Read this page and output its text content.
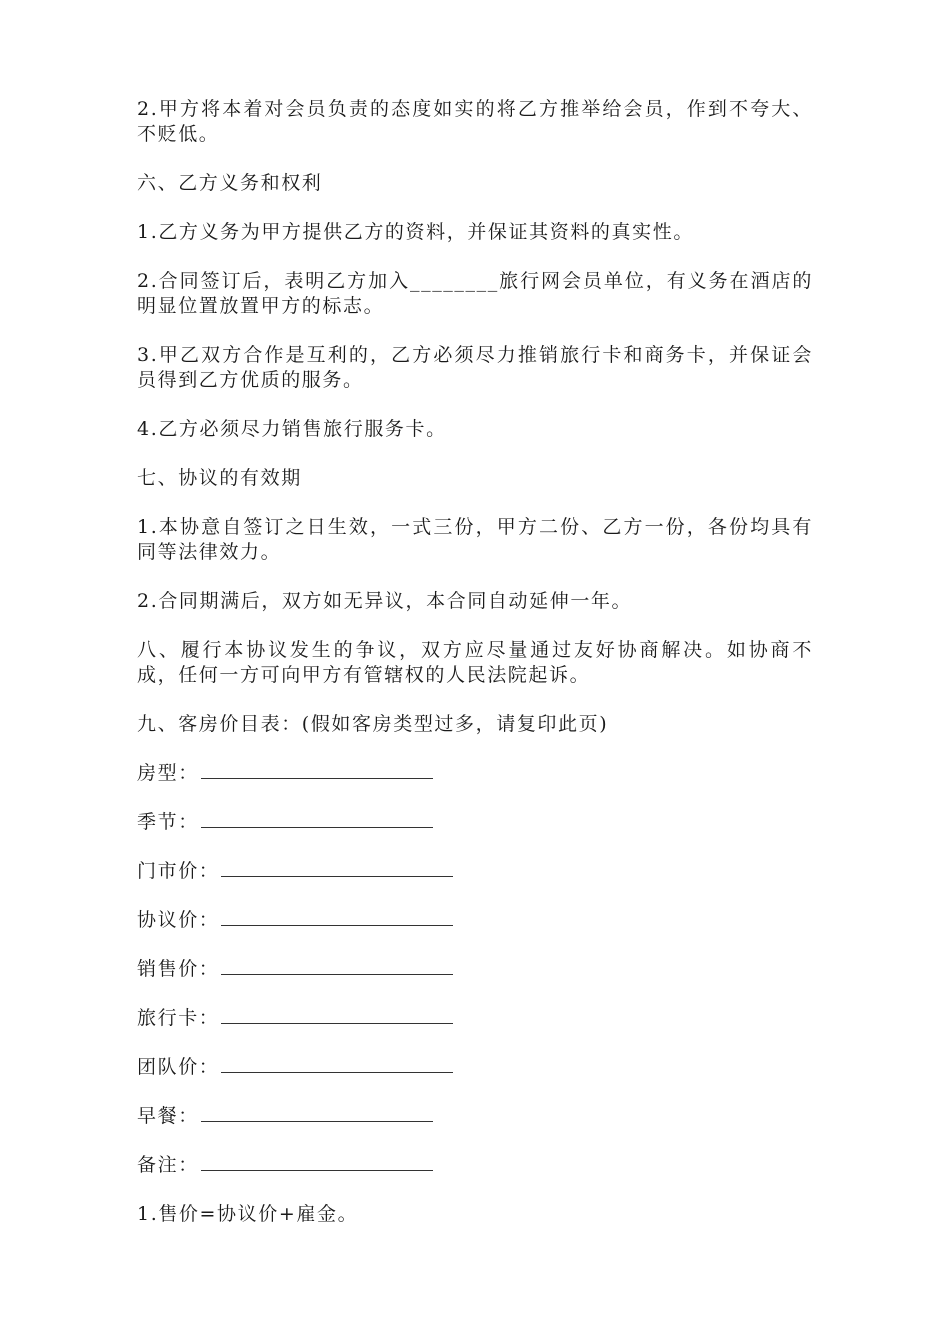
2.甲方将本着对会员负责的态度如实的将乙方推举给会员，作到不夸大、不贬低。

六、乙方义务和权利

1.乙方义务为甲方提供乙方的资料，并保证其资料的真实性。

2.合同签订后，表明乙方加入________旅行网会员单位，有义务在酒店的明显位置放置甲方的标志。

3.甲乙双方合作是互利的，乙方必须尽力推销旅行卡和商务卡，并保证会员得到乙方优质的服务。

4.乙方必须尽力销售旅行服务卡。

七、协议的有效期

1.本协意自签订之日生效，一式三份，甲方二份、乙方一份，各份均具有同等法律效力。

2.合同期满后，双方如无异议，本合同自动延伸一年。

八、履行本协议发生的争议，双方应尽量通过友好协商解决。如协商不成，任何一方可向甲方有管辖权的人民法院起诉。

九、客房价目表：(假如客房类型过多，请复印此页)

房型：
季节：
门市价：
协议价：
销售价：
旅行卡：
团队价：
早餐：
备注：

1.售价=协议价+雇金。
